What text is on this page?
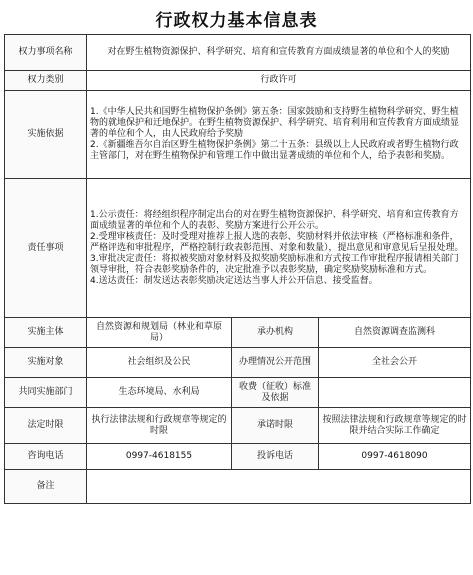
行政权力基本信息表
权力事项名称	对在野生植物资源保护、科学研究、培育和宣传教育方面成绩显著的单位和个人的奖励		
权力类别	行政许可		
实施依据	1.《中华人民共和国野生植物保护条例》第五条：国家鼓励和支持野生植物科学研究、野生植物的就地保护和迁地保护。在野生植物资源保护、科学研究、培育利用和宣传教育方面成绩显著的单位和个人，由人民政府给予奖励
2.《新疆维吾尔自治区野生植物保护条例》第二十五条：县级以上人民政府或者野生植物行政主管部门，对在野生植物保护和管理工作中做出显著成绩的单位和个人，给予表彰和奖励。		
责任事项	1.公示责任：将经组织程序制定出台的对在野生植物资源保护、科学研究、培育和宣传教育方面成绩显著的单位和个人的表彰、奖励方案进行公开公示。
2.受理审核责任：及时受理对推荐上报人选的表彰、奖励材料并依法审核（严格标准和条件，严格评选和审批程序，严格控制行政表彰范围、对象和数量），提出意见和审意见后呈报处理。
3.审批决定责任：将拟被奖励对象材料及拟奖励奖励标准和方式按工作审批程序报请相关部门领导审批，符合表彰奖励条件的，决定批准予以表彰奖励，确定奖励奖励标准和方式。
4.送达责任：制发送达表彰奖励决定送达当事人并公开信息、接受监督。		
实施主体	自然资源和规划局（林业和草原局）	承办机构	自然资源调查监测科
实施对象	社会组织及公民	办理情况公开范围	全社会公开
共同实施部门	生态环境局、水利局	收费（征收）标准及依据	
法定时限	执行法律法规和行政规章等规定的时限	承诺时限	按照法律法规和行政规章等规定的时限并结合实际工作确定
咨询电话	0997-4618155	投诉电话	0997-4618090
备注			
